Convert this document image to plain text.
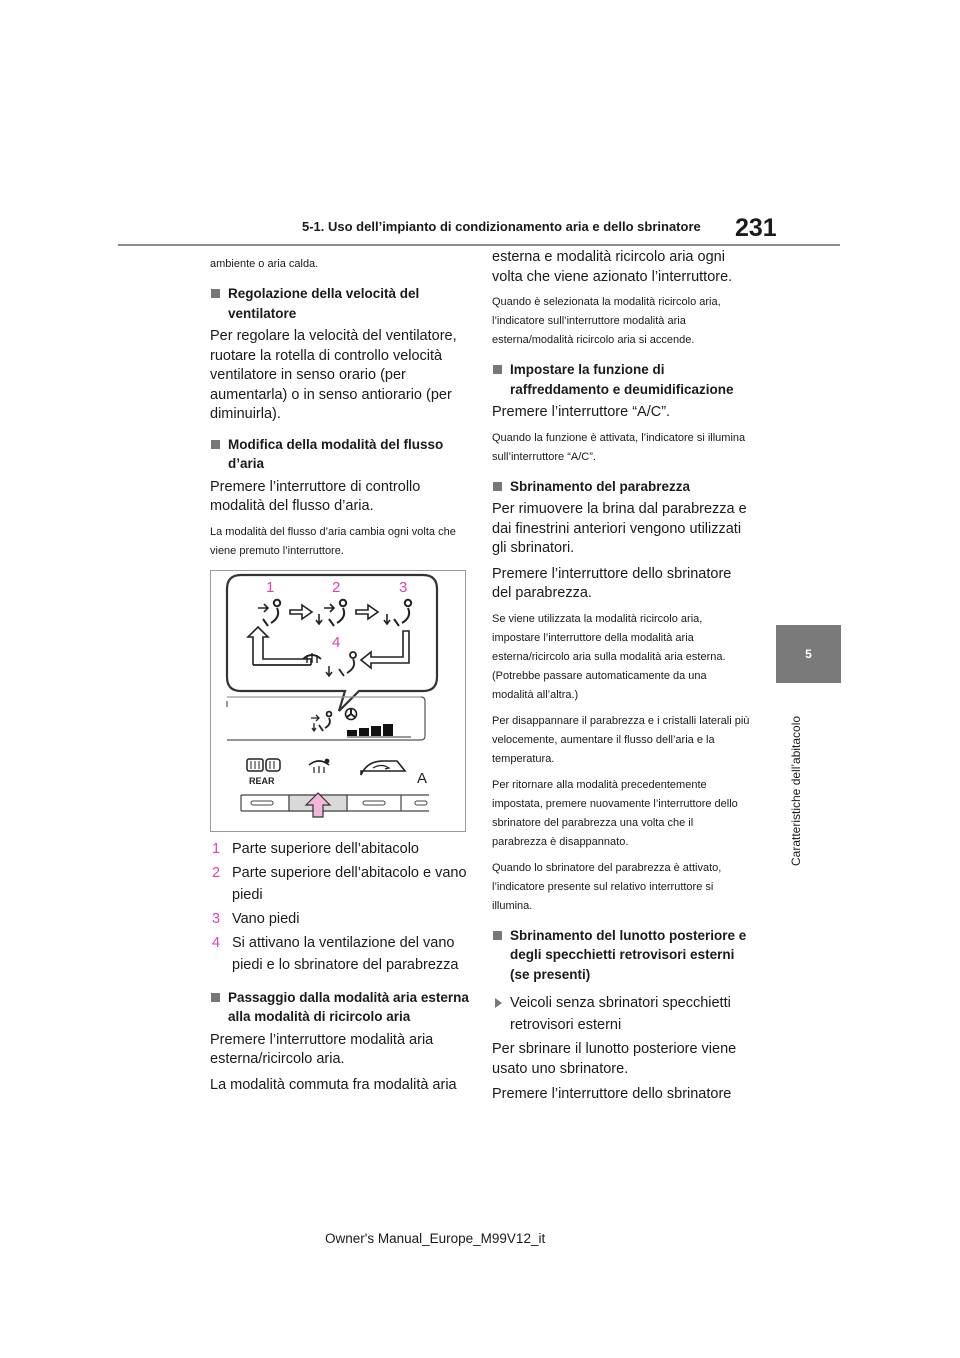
5-1. Uso dell’impianto di condizionamento aria e dello sbrinatore 231
5
Caratteristiche dell’abitacolo

ambiente o aria calda.

Regolazione della velocità del ventilatore

Per regolare la velocità del ventilatore, ruotare la rotella di controllo velocità ventilatore in senso orario (per aumentarla) o in senso antiorario (per diminuirla).

Modifica della modalità del flusso d’aria

Premere l’interruttore di controllo modalità del flusso d’aria.

La modalità del flusso d’aria cambia ogni volta che viene premuto l’interruttore.

1	2	3
4
REAR	A
1 Parte superiore dell’abitacolo
2 Parte superiore dell’abitacolo e vano piedi
3 Vano piedi
4 Si attivano la ventilazione del vano piedi e lo sbrinatore del parabrezza
Passaggio dalla modalità aria esterna alla modalità di ricircolo aria

Premere l’interruttore modalità aria esterna/ricircolo aria.

La modalità commuta fra modalità aria

esterna e modalità ricircolo aria ogni volta che viene azionato l’interruttore.

Quando è selezionata la modalità ricircolo aria, l’indicatore sull’interruttore modalità aria esterna/modalità ricircolo aria si accende.

Impostare la funzione di raffreddamento e deumidificazione

Premere l’interruttore “A/C”.

Quando la funzione è attivata, l’indicatore si illumina sull’interruttore “A/C”.

Sbrinamento del parabrezza

Per rimuovere la brina dal parabrezza e dai finestrini anteriori vengono utilizzati gli sbrinatori.

Premere l’interruttore dello sbrinatore del parabrezza.

Se viene utilizzata la modalità ricircolo aria, impostare l’interruttore della modalità aria esterna/ricircolo aria sulla modalità aria esterna. (Potrebbe passare automaticamente da una modalità all’altra.)

Per disappannare il parabrezza e i cristalli laterali più velocemente, aumentare il flusso dell’aria e la temperatura.

Per ritornare alla modalità precedentemente impostata, premere nuovamente l’interruttore dello sbrinatore del parabrezza una volta che il parabrezza è disappannato.

Quando lo sbrinatore del parabrezza è attivato, l’indicatore presente sul relativo interruttore si illumina.

Sbrinamento del lunotto posteriore e degli specchietti retrovisori esterni (se presenti)
Veicoli senza sbrinatori specchietti retrovisori esterni

Per sbrinare il lunotto posteriore viene usato uno sbrinatore.

Premere l’interruttore dello sbrinatore

Owner's Manual_Europe_M99V12_it
